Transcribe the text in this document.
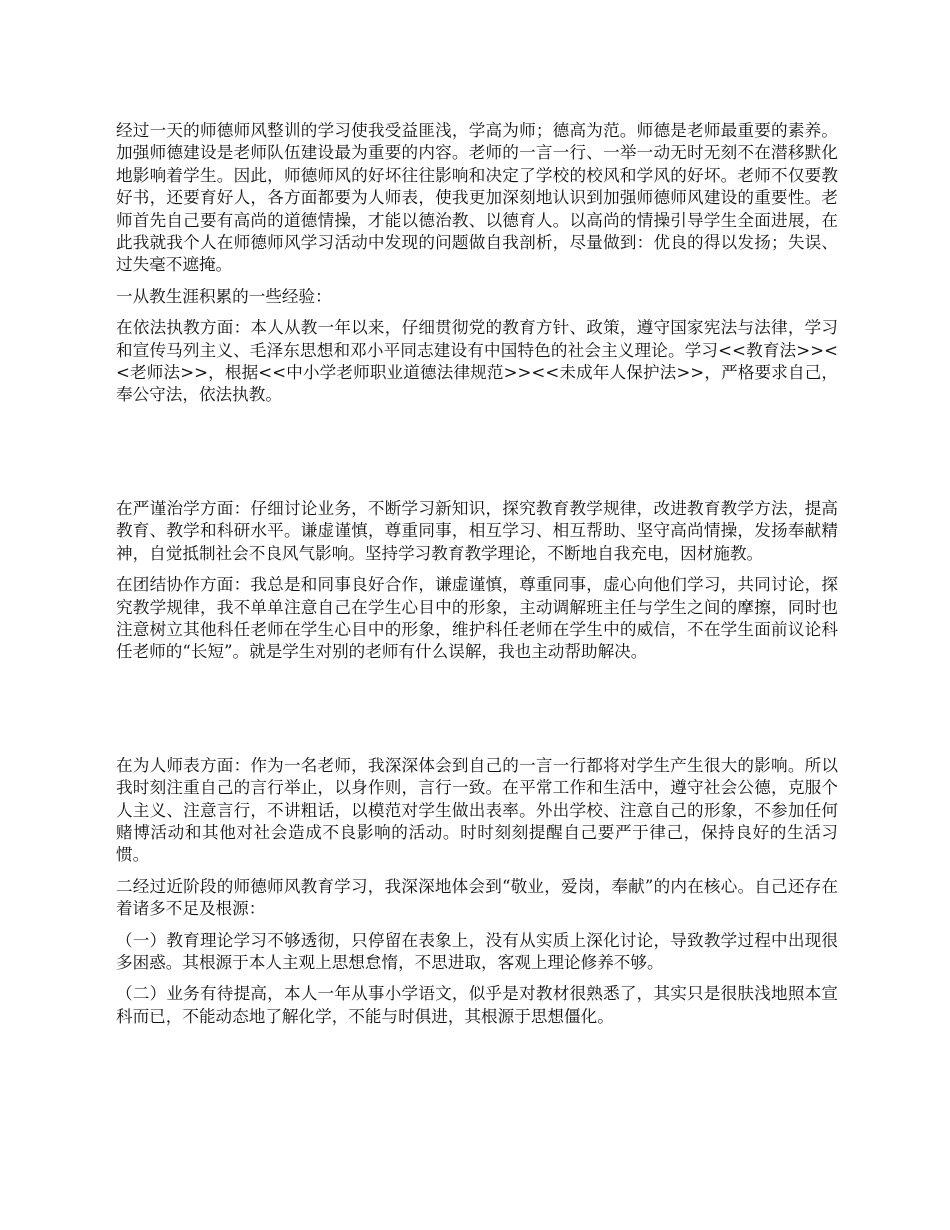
经过一天的师德师风整训的学习使我受益匪浅，学高为师；德高为范。师德是老师最重要的素养。加强师德建设是老师队伍建设最为重要的内容。老师的一言一行、一举一动无时无刻不在潜移默化地影响着学生。因此，师德师风的好坏往往影响和决定了学校的校风和学风的好坏。老师不仅要教好书，还要育好人，各方面都要为人师表，使我更加深刻地认识到加强师德师风建设的重要性。老师首先自己要有高尚的道德情操，才能以德治教、以德育人。以高尚的情操引导学生全面进展，在此我就我个人在师德师风学习活动中发现的问题做自我剖析，尽量做到：优良的得以发扬；失误、过失毫不遮掩。

一从教生涯积累的一些经验：

在依法执教方面：本人从教一年以来，仔细贯彻党的教育方针、政策，遵守国家宪法与法律，学习和宣传马列主义、毛泽东思想和邓小平同志建设有中国特色的社会主义理论。学习<<教育法>><<老师法>>，根据<<中小学老师职业道德法律规范>><<未成年人保护法>>，严格要求自己，奉公守法，依法执教。

在严谨治学方面：仔细讨论业务，不断学习新知识，探究教育教学规律，改进教育教学方法，提高教育、教学和科研水平。谦虚谨慎，尊重同事，相互学习、相互帮助、坚守高尚情操，发扬奉献精神，自觉抵制社会不良风气影响。坚持学习教育教学理论，不断地自我充电，因材施教。

在团结协作方面：我总是和同事良好合作，谦虚谨慎，尊重同事，虚心向他们学习，共同讨论，探究教学规律，我不单单注意自己在学生心目中的形象，主动调解班主任与学生之间的摩擦，同时也注意树立其他科任老师在学生心目中的形象，维护科任老师在学生中的威信，不在学生面前议论科任老师的“长短”。就是学生对别的老师有什么误解，我也主动帮助解决。

在为人师表方面：作为一名老师，我深深体会到自己的一言一行都将对学生产生很大的影响。所以我时刻注重自己的言行举止，以身作则，言行一致。在平常工作和生活中，遵守社会公德，克服个人主义、注意言行，不讲粗话，以模范对学生做出表率。外出学校、注意自己的形象，不参加任何赌博活动和其他对社会造成不良影响的活动。时时刻刻提醒自己要严于律己，保持良好的生活习惯。

二经过近阶段的师德师风教育学习，我深深地体会到“敬业，爱岗，奉献”的内在核心。自己还存在着诸多不足及根源：

（一）教育理论学习不够透彻，只停留在表象上，没有从实质上深化讨论，导致教学过程中出现很多困惑。其根源于本人主观上思想怠惰，不思进取，客观上理论修养不够。

（二）业务有待提高，本人一年从事小学语文，似乎是对教材很熟悉了，其实只是很肤浅地照本宣科而已，不能动态地了解化学，不能与时俱进，其根源于思想僵化。
